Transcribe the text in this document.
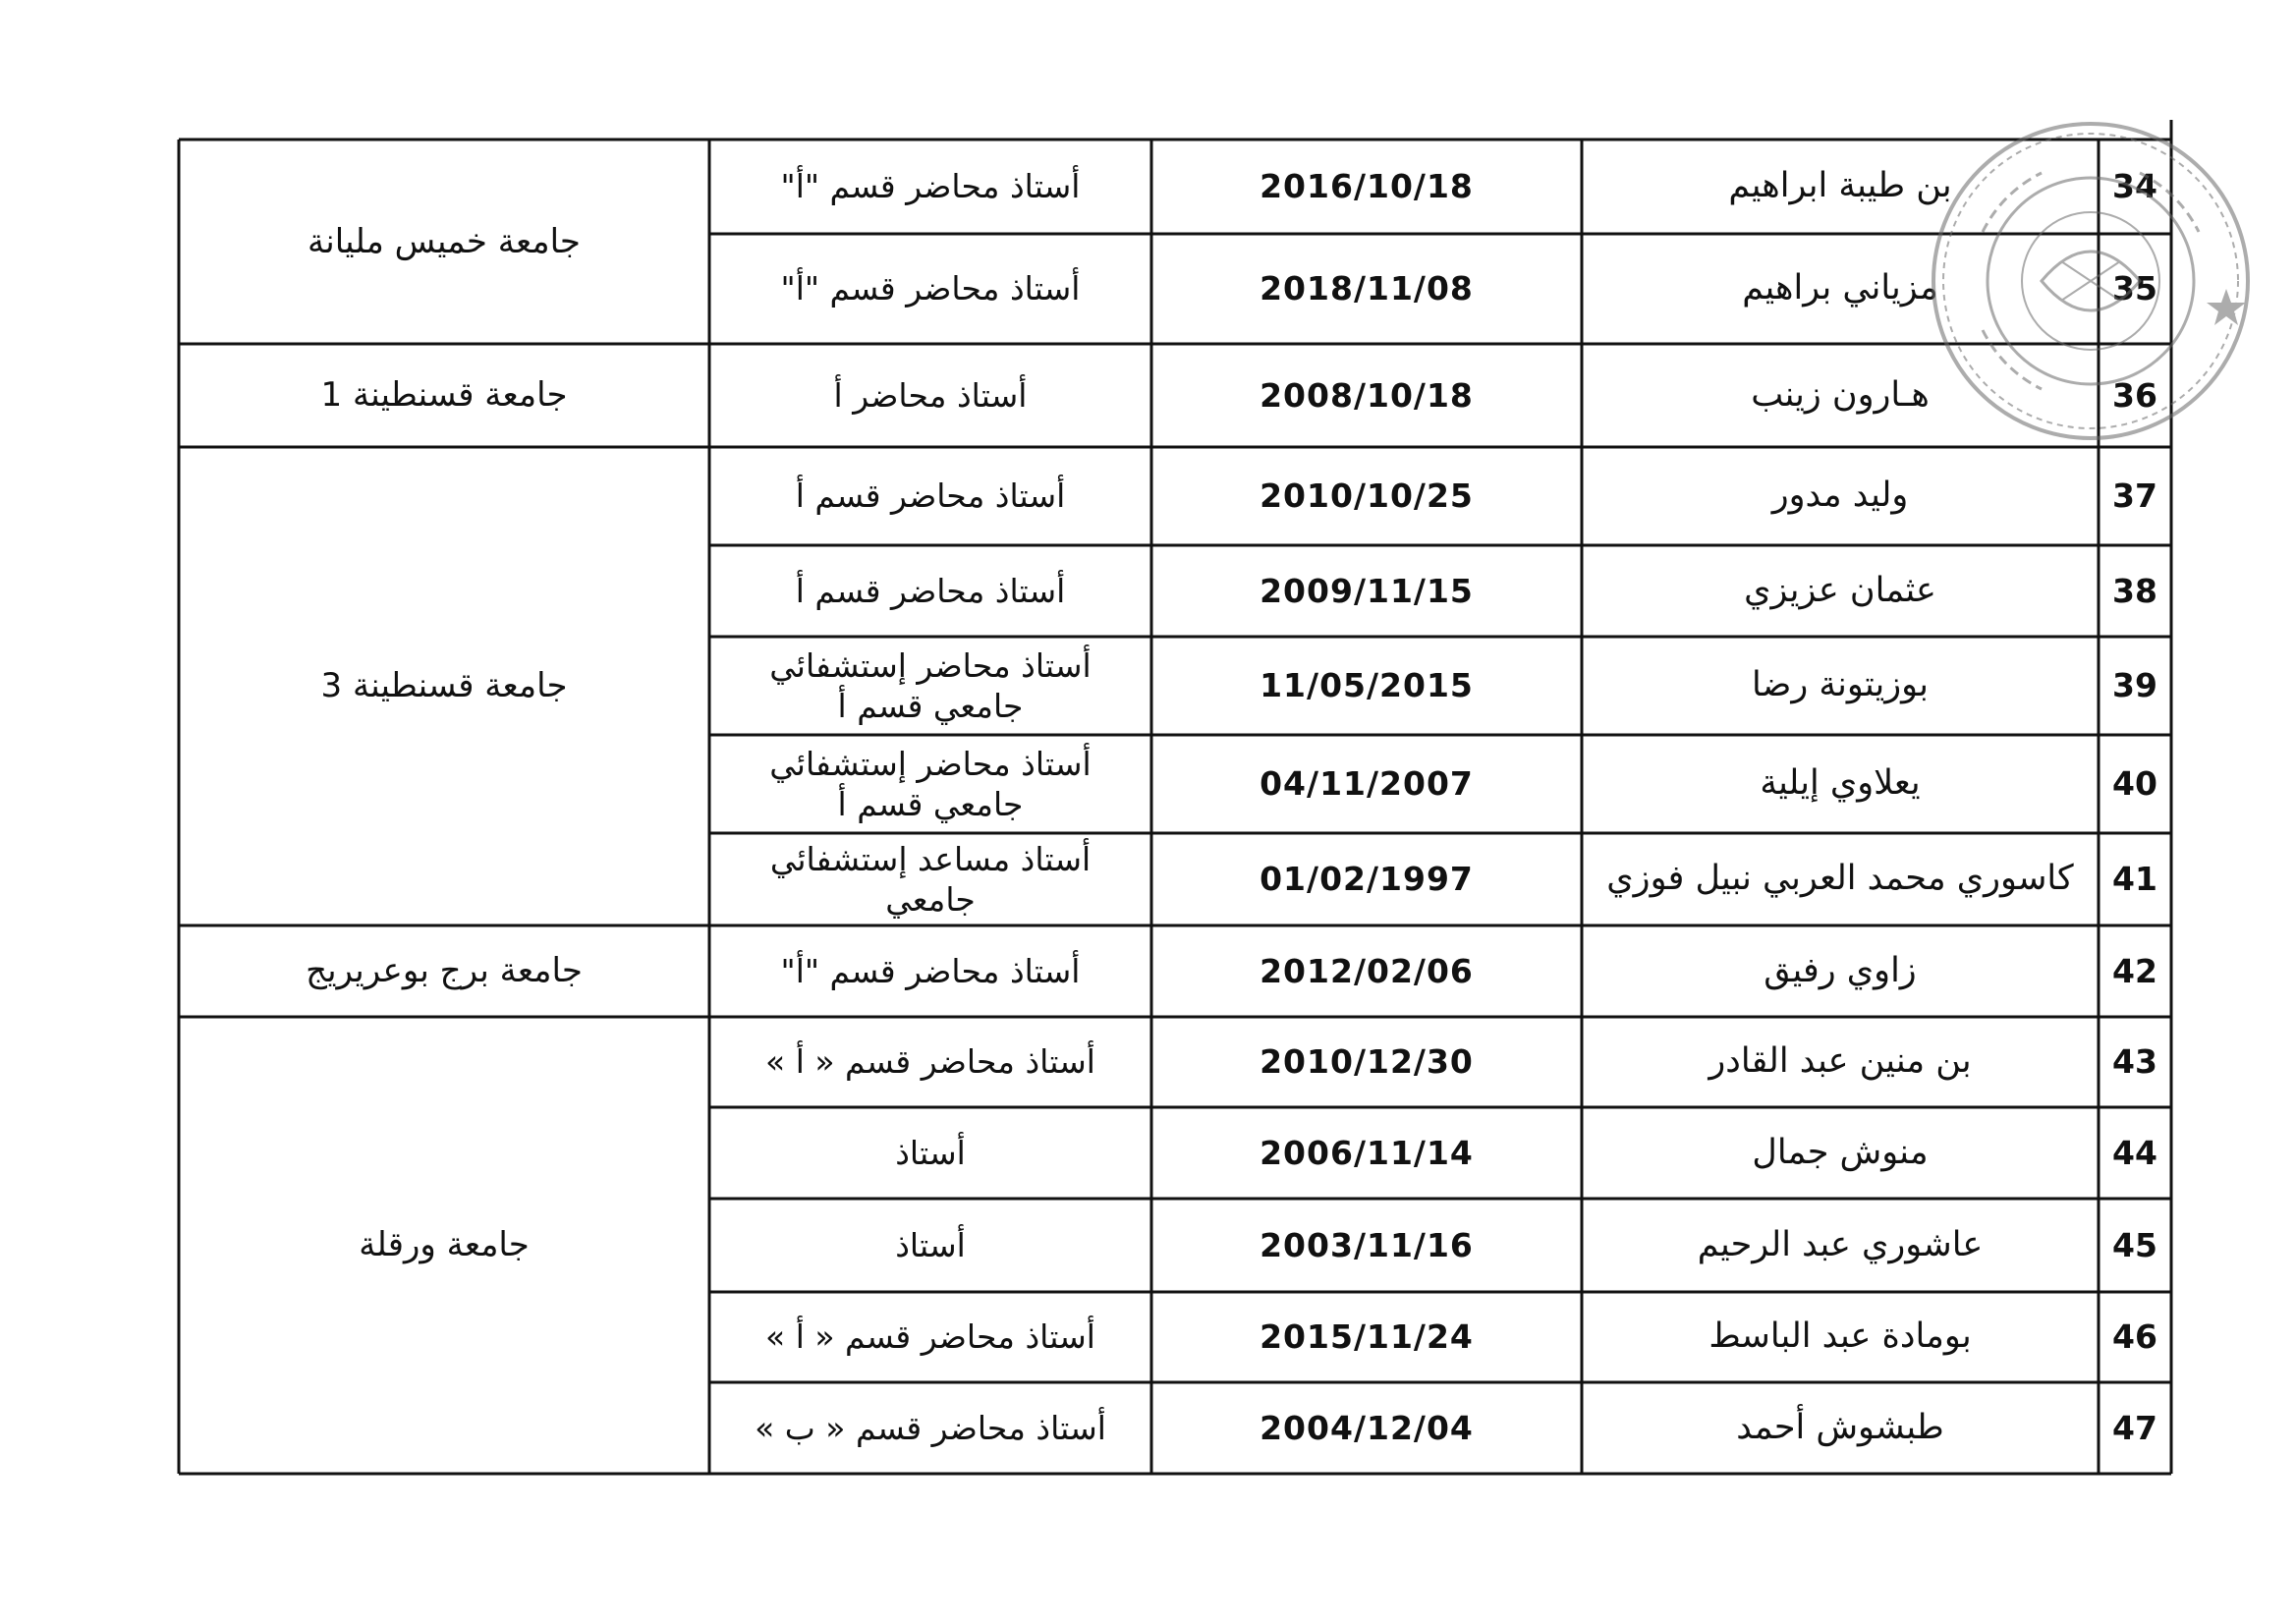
34
بن طيبة ابراهيم
2016/10/18
أستاذ محاضر قسم "أ"
35
مزياني براهيم
2018/11/08
أستاذ محاضر قسم "أ"
36
هـارون زينب
2008/10/18
أستاذ محاضر أ
37
وليد مدور
2010/10/25
أستاذ محاضر قسم أ
38
عثمان عزيزي
2009/11/15
أستاذ محاضر قسم أ
39
بوزيتونة رضا
11/05/2015
أستاذ محاضر إستشفائي جامعي قسم أ
40
يعلاوي إيلية
04/11/2007
أستاذ محاضر إستشفائي جامعي قسم أ
41
كاسوري محمد العربي نبيل فوزي
01/02/1997
أستاذ مساعد إستشفائي جامعي
42
زاوي رفيق
2012/02/06
أستاذ محاضر قسم "أ"
43
بن منين عبد القادر
2010/12/30
أستاذ محاضر قسم « أ »
44
منوش جمال
2006/11/14
أستاذ
45
عاشوري عبد الرحيم
2003/11/16
أستاذ
46
بومادة عبد الباسط
2015/11/24
أستاذ محاضر قسم « أ »
47
طبشوش أحمد
2004/12/04
أستاذ محاضر قسم « ب »
جامعة خميس مليانة
جامعة قسنطينة 1
جامعة قسنطينة 3
جامعة برج بوعريريج
جامعة ورقلة
